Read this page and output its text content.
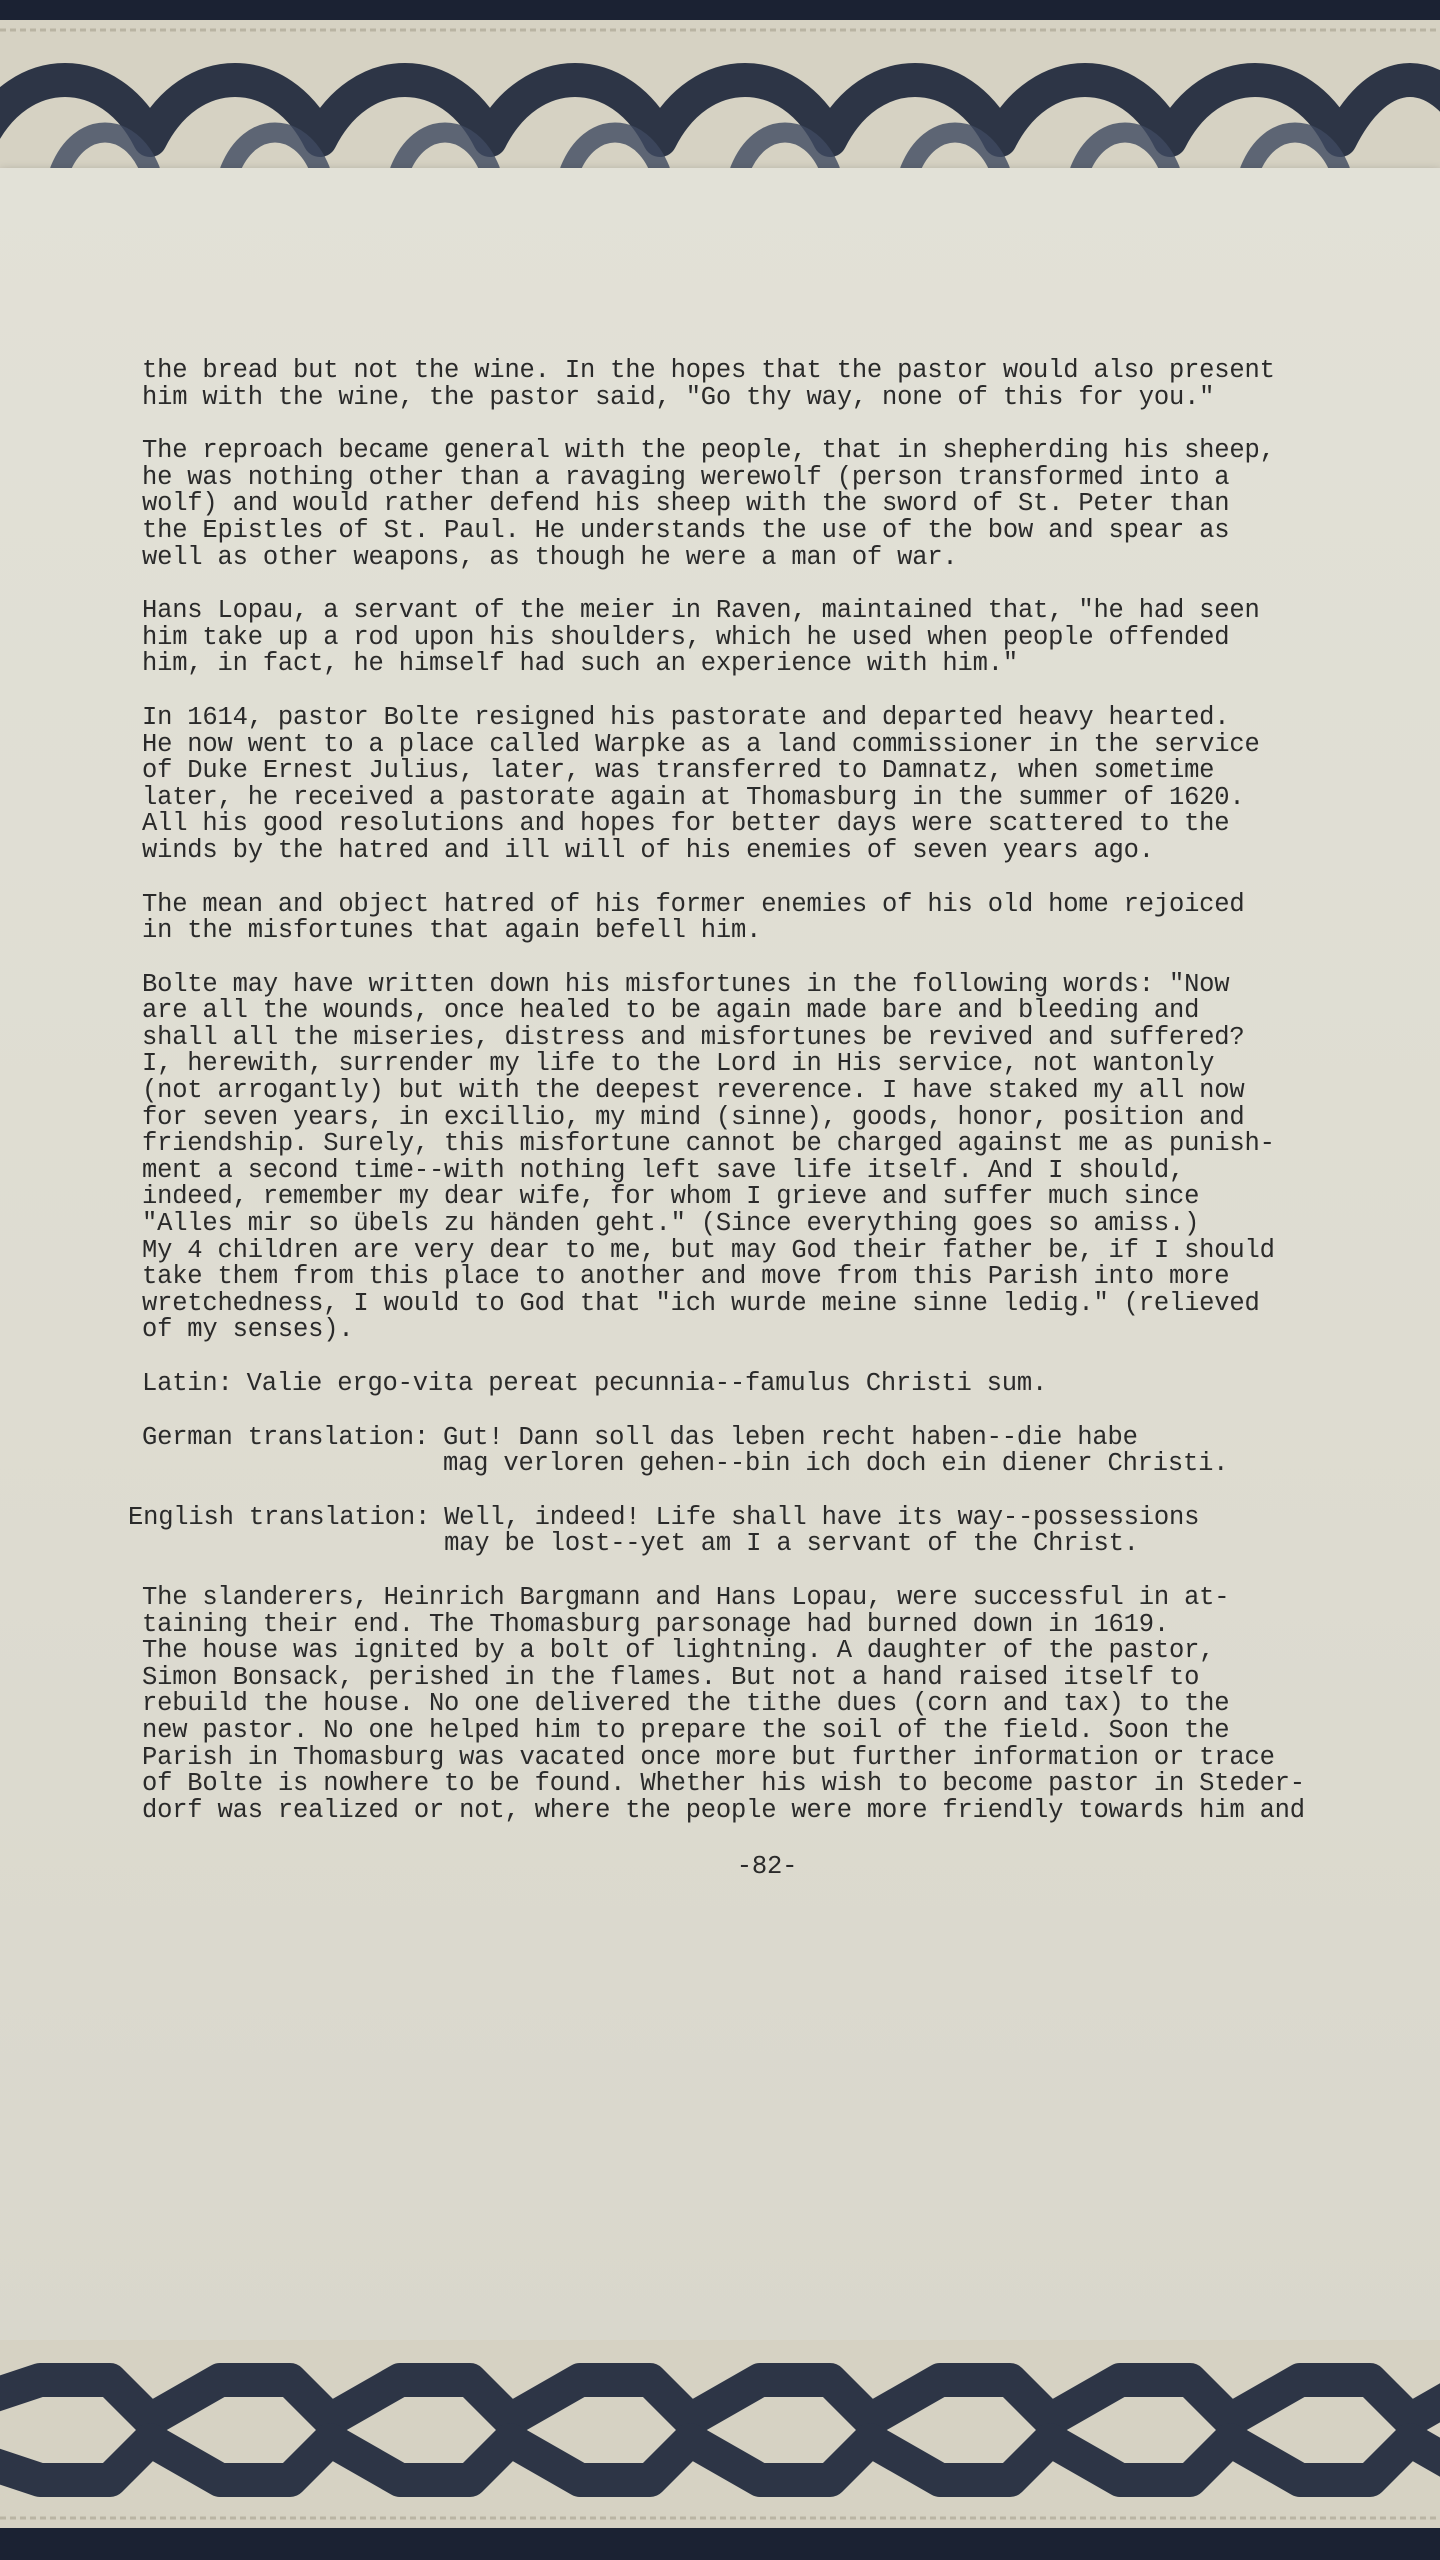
the bread but not the wine. In the hopes that the pastor would also present
him with the wine, the pastor said, "Go thy way, none of this for you."

The reproach became general with the people, that in shepherding his sheep,
he was nothing other than a ravaging werewolf (person transformed into a
wolf) and would rather defend his sheep with the sword of St. Peter than
the Epistles of St. Paul. He understands the use of the bow and spear as
well as other weapons, as though he were a man of war.

Hans Lopau, a servant of the meier in Raven, maintained that, "he had seen
him take up a rod upon his shoulders, which he used when people offended
him, in fact, he himself had such an experience with him."

In 1614, pastor Bolte resigned his pastorate and departed heavy hearted.
He now went to a place called Warpke as a land commissioner in the service
of Duke Ernest Julius, later, was transferred to Damnatz, when sometime
later, he received a pastorate again at Thomasburg in the summer of 1620.
All his good resolutions and hopes for better days were scattered to the
winds by the hatred and ill will of his enemies of seven years ago.

The mean and object hatred of his former enemies of his old home rejoiced
in the misfortunes that again befell him.

Bolte may have written down his misfortunes in the following words: "Now
are all the wounds, once healed to be again made bare and bleeding and
shall all the miseries, distress and misfortunes be revived and suffered?
I, herewith, surrender my life to the Lord in His service, not wantonly
(not arrogantly) but with the deepest reverence. I have staked my all now
for seven years, in excillio, my mind (sinne), goods, honor, position and
friendship. Surely, this misfortune cannot be charged against me as punish-
ment a second time--with nothing left save life itself. And I should,
indeed, remember my dear wife, for whom I grieve and suffer much since
"Alles mir so übels zu händen geht." (Since everything goes so amiss.)
My 4 children are very dear to me, but may God their father be, if I should
take them from this place to another and move from this Parish into more
wretchedness, I would to God that "ich wurde meine sinne ledig." (relieved
of my senses).

Latin: Valie ergo-vita pereat pecunnia--famulus Christi sum.
German translation: Gut! Dann soll das leben recht haben--die habe
mag verloren gehen--bin ich doch ein diener Christi.
English translation: Well, indeed! Life shall have its way--possessions
may be lost--yet am I a servant of the Christ.

The slanderers, Heinrich Bargmann and Hans Lopau, were successful in at-
taining their end. The Thomasburg parsonage had burned down in 1619.
The house was ignited by a bolt of lightning. A daughter of the pastor,
Simon Bonsack, perished in the flames. But not a hand raised itself to
rebuild the house. No one delivered the tithe dues (corn and tax) to the
new pastor. No one helped him to prepare the soil of the field. Soon the
Parish in Thomasburg was vacated once more but further information or trace
of Bolte is nowhere to be found. Whether his wish to become pastor in Steder-
dorf was realized or not, where the people were more friendly towards him and

-82-
